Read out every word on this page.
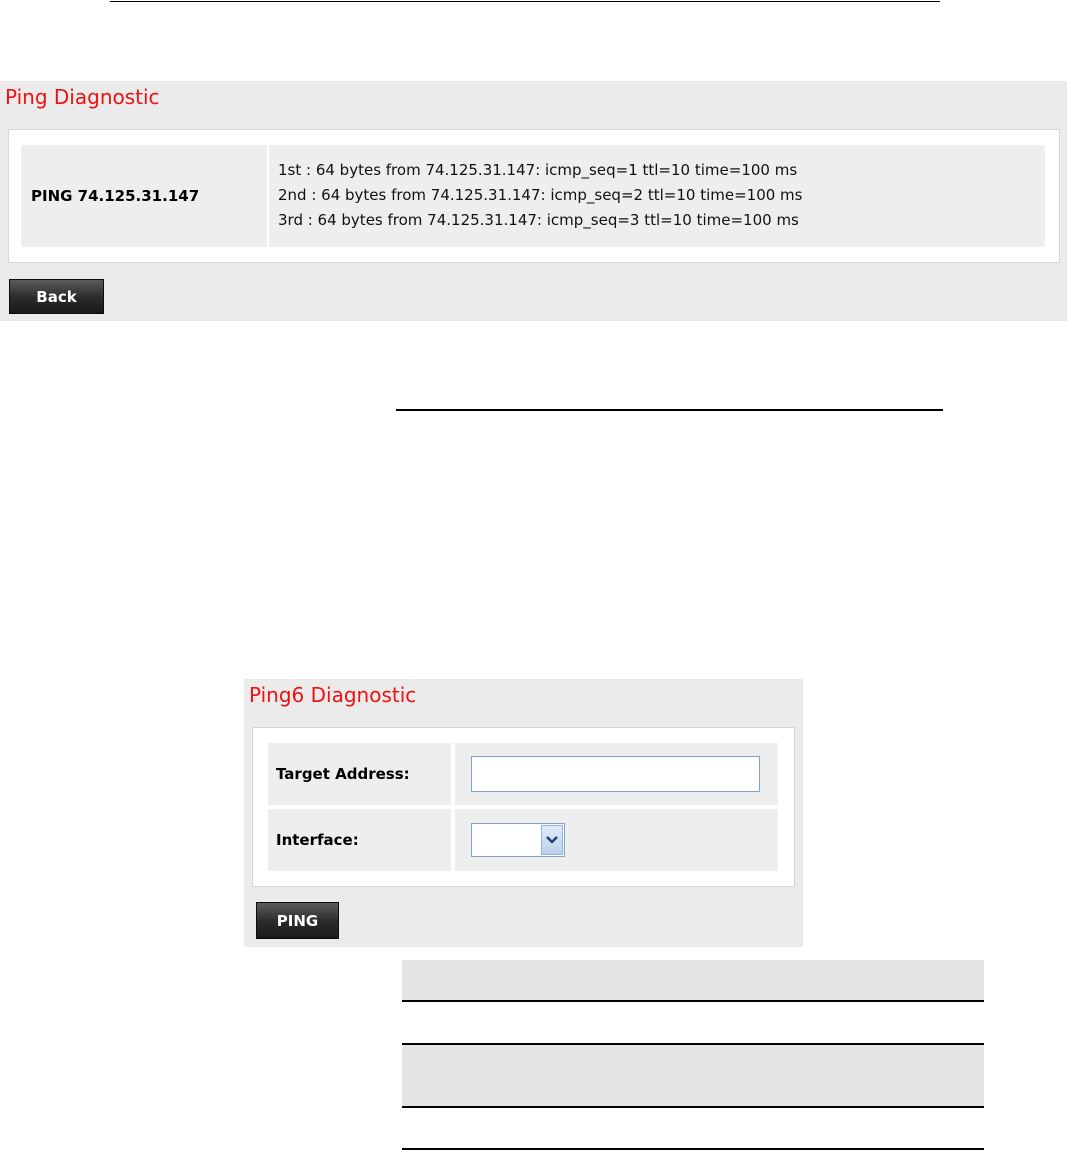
Ping Diagnostic
PING 74.125.31.147
1st : 64 bytes from 74.125.31.147: icmp_seq=1 ttl=10 time=100 ms
2nd : 64 bytes from 74.125.31.147: icmp_seq=2 ttl=10 time=100 ms
3rd : 64 bytes from 74.125.31.147: icmp_seq=3 ttl=10 time=100 ms
Back
Ping6 Diagnostic
Target Address:
Interface:
PING
